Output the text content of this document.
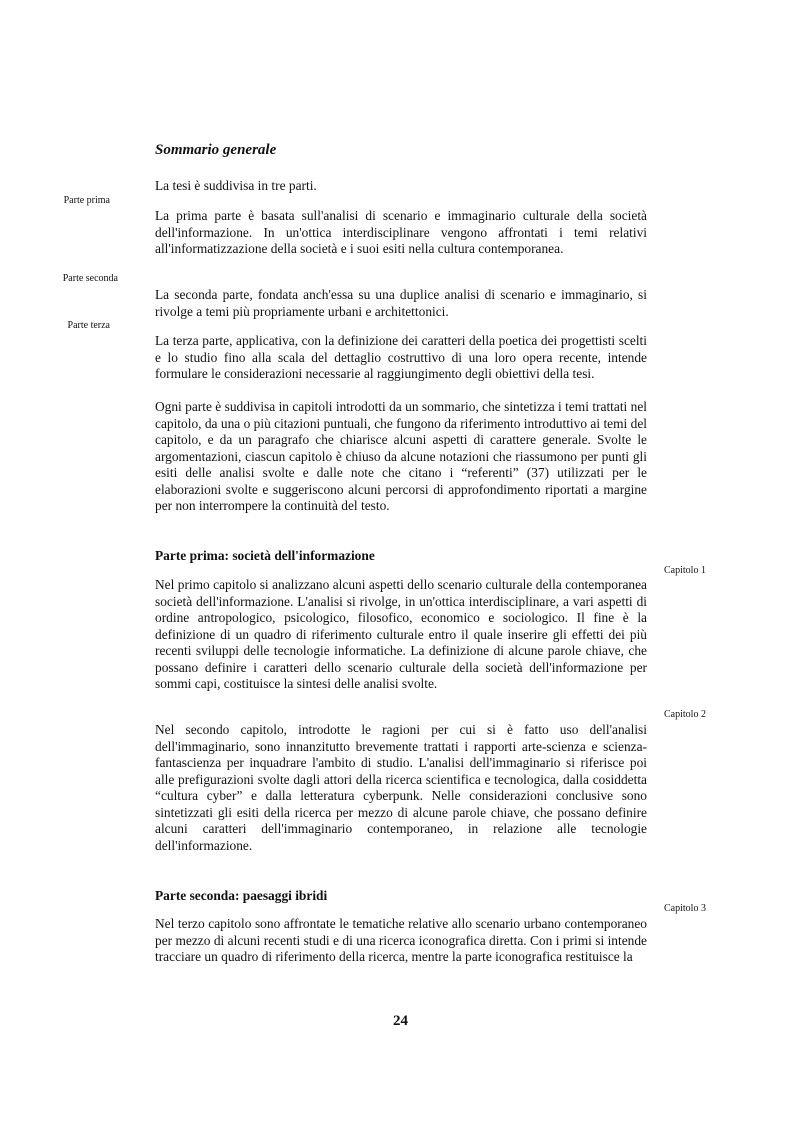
Sommario generale
La tesi è suddivisa in tre parti.
Parte prima
La prima parte è basata sull'analisi di scenario e immaginario culturale della società dell'informazione. In un'ottica interdisciplinare vengono affrontati i temi relativi all'informatizzazione della società e i suoi esiti nella cultura contemporanea.
Parte seconda
La seconda parte, fondata anch'essa su una duplice analisi di scenario e immaginario, si rivolge a temi più propriamente urbani e architettonici.
Parte terza
La terza parte, applicativa, con la definizione dei caratteri della poetica dei progettisti scelti e lo studio fino alla scala del dettaglio costruttivo di una loro opera recente, intende formulare le considerazioni necessarie al raggiungimento degli obiettivi della tesi.
Ogni parte è suddivisa in capitoli introdotti da un sommario, che sintetizza i temi trattati nel capitolo, da una o più citazioni puntuali, che fungono da riferimento introduttivo ai temi del capitolo, e da un paragrafo che chiarisce alcuni aspetti di carattere generale. Svolte le argomentazioni, ciascun capitolo è chiuso da alcune notazioni che riassumono per punti gli esiti delle analisi svolte e dalle note che citano i “referenti” (37) utilizzati per le elaborazioni svolte e suggeriscono alcuni percorsi di approfondimento riportati a margine per non interrompere la continuità del testo.
Parte prima: società dell'informazione
Capitolo 1
Nel primo capitolo si analizzano alcuni aspetti dello scenario culturale della contemporanea società dell'informazione. L'analisi si rivolge, in un'ottica interdisciplinare, a vari aspetti di ordine antropologico, psicologico, filosofico, economico e sociologico. Il fine è la definizione di un quadro di riferimento culturale entro il quale inserire gli effetti dei più recenti sviluppi delle tecnologie informatiche. La definizione di alcune parole chiave, che possano definire i caratteri dello scenario culturale della società dell'informazione per sommi capi, costituisce la sintesi delle analisi svolte.
Capitolo 2
Nel secondo capitolo, introdotte le ragioni per cui si è fatto uso dell'analisi dell'immaginario, sono innanzitutto brevemente trattati i rapporti arte-scienza e scienza-fantascienza per inquadrare l'ambito di studio. L'analisi dell'immaginario si riferisce poi alle prefigurazioni svolte dagli attori della ricerca scientifica e tecnologica, dalla cosiddetta “cultura cyber” e dalla letteratura cyberpunk. Nelle considerazioni conclusive sono sintetizzati gli esiti della ricerca per mezzo di alcune parole chiave, che possano definire alcuni caratteri dell'immaginario contemporaneo, in relazione alle tecnologie dell'informazione.
Parte seconda: paesaggi ibridi
Capitolo 3
Nel terzo capitolo sono affrontate le tematiche relative allo scenario urbano contemporaneo per mezzo di alcuni recenti studi e di una ricerca iconografica diretta. Con i primi si intende tracciare un quadro di riferimento della ricerca, mentre la parte iconografica restituisce la
24
